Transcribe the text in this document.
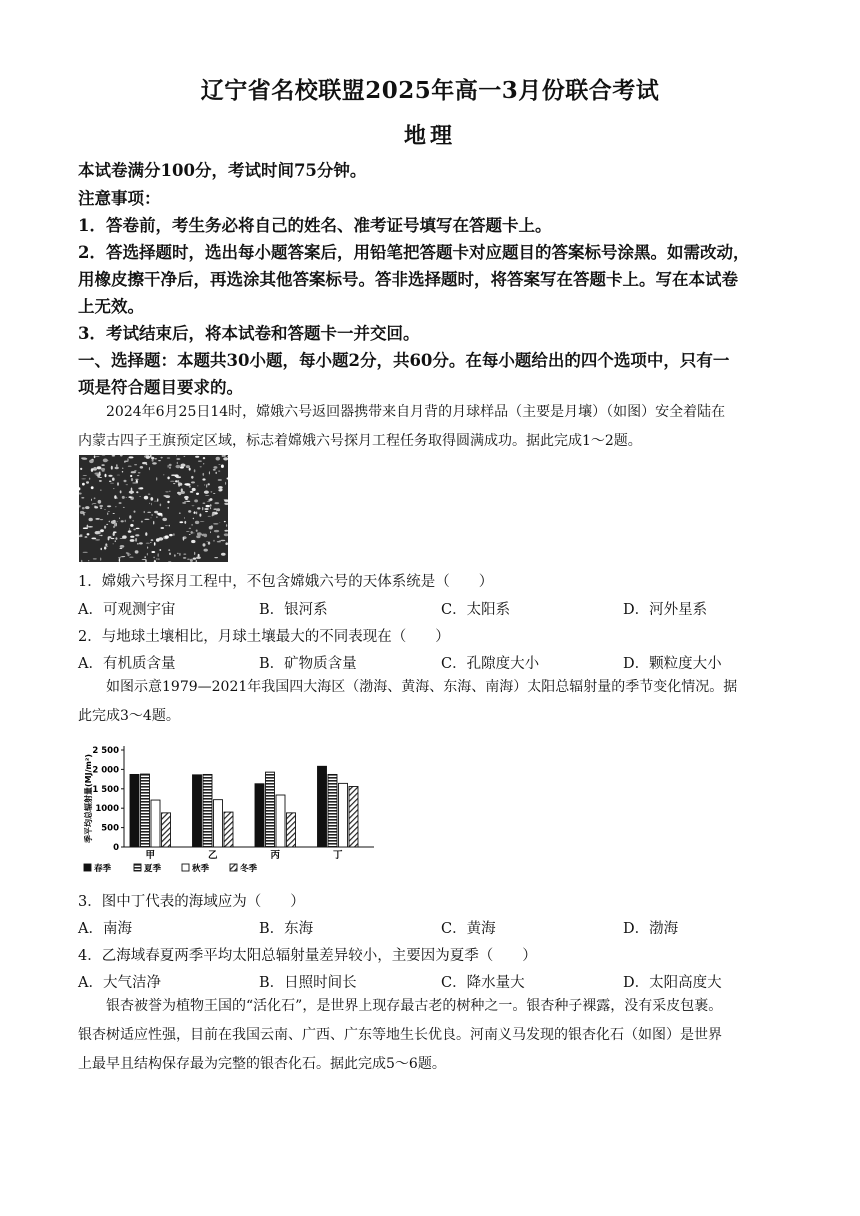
辽宁省名校联盟2025年高一3月份联合考试
地理
本试卷满分100分，考试时间75分钟。
注意事项：
1．答卷前，考生务必将自己的姓名、准考证号填写在答题卡上。
2．答选择题时，选出每小题答案后，用铅笔把答题卡对应题目的答案标号涂黑。如需改动，
用橡皮擦干净后，再选涂其他答案标号。答非选择题时，将答案写在答题卡上。写在本试卷
上无效。
3．考试结束后，将本试卷和答题卡一并交回。
一、选择题：本题共30小题，每小题2分，共60分。在每小题给出的四个选项中，只有一
项是符合题目要求的。
2024年6月25日14时，嫦娥六号返回器携带来自月背的月球样品（主要是月壤）（如图）安全着陆在
内蒙古四子王旗预定区域，标志着嫦娥六号探月工程任务取得圆满成功。据此完成1～2题。
1．嫦娥六号探月工程中，不包含嫦娥六号的天体系统是（　　）
A．可观测宇宙	B．银河系	C．太阳系	D．河外星系
2．与地球土壤相比，月球土壤最大的不同表现在（　　）
A．有机质含量	B．矿物质含量	C．孔隙度大小	D．颗粒度大小
如图示意1979—2021年我国四大海区（渤海、黄海、东海、南海）太阳总辐射量的季节变化情况。据
此完成3～4题。
季平均总辐射量(MJ/m²)
0
500
1000
1 500
2 000
2 500
甲	乙	丙	丁
春季	夏季	秋季	冬季
3．图中丁代表的海域应为（　　）
A．南海	B．东海	C．黄海	D．渤海
4．乙海域春夏两季平均太阳总辐射量差异较小，主要因为夏季（　　）
A．大气洁净	B．日照时间长	C．降水量大	D．太阳高度大
银杏被誉为植物王国的“活化石”，是世界上现存最古老的树种之一。银杏种子裸露，没有采皮包裹。
银杏树适应性强，目前在我国云南、广西、广东等地生长优良。河南义马发现的银杏化石（如图）是世界
上最早且结构保存最为完整的银杏化石。据此完成5～6题。
